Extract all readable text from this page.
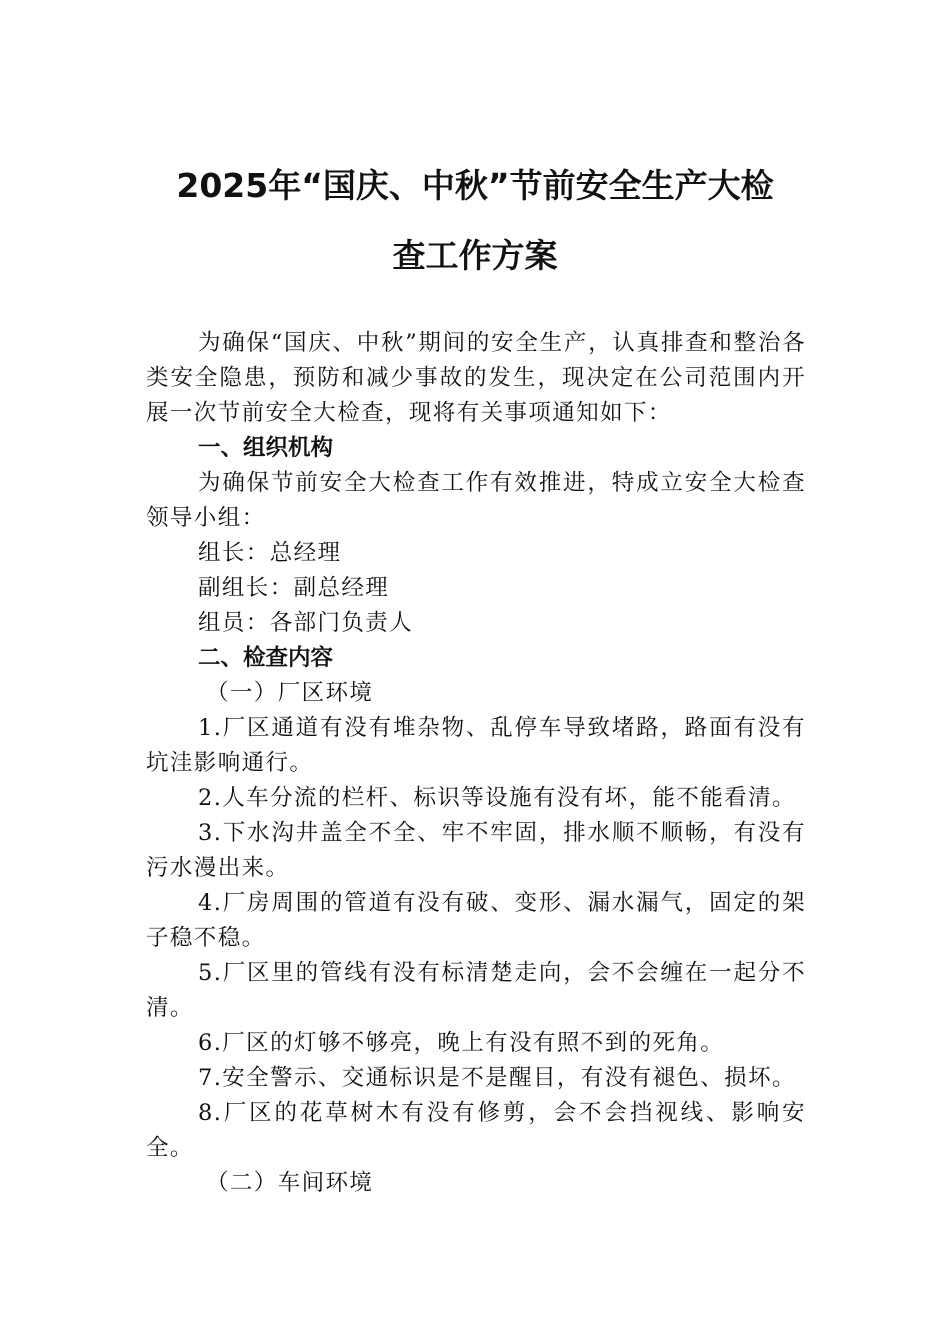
2025年“国庆、中秋”节前安全生产大检
查工作方案

为确保“国庆、中秋”期间的安全生产，认真排查和整治各类安全隐患，预防和减少事故的发生，现决定在公司范围内开展一次节前安全大检查，现将有关事项通知如下：

一、组织机构

为确保节前安全大检查工作有效推进，特成立安全大检查领导小组：

组长：总经理

副组长：副总经理

组员：各部门负责人

二、检查内容

（一）厂区环境

1.厂区通道有没有堆杂物、乱停车导致堵路，路面有没有坑洼影响通行。

2.人车分流的栏杆、标识等设施有没有坏，能不能看清。

3.下水沟井盖全不全、牢不牢固，排水顺不顺畅，有没有污水漫出来。

4.厂房周围的管道有没有破、变形、漏水漏气，固定的架子稳不稳。

5.厂区里的管线有没有标清楚走向，会不会缠在一起分不清。

6.厂区的灯够不够亮，晚上有没有照不到的死角。

7.安全警示、交通标识是不是醒目，有没有褪色、损坏。

8.厂区的花草树木有没有修剪，会不会挡视线、影响安全。

（二）车间环境
